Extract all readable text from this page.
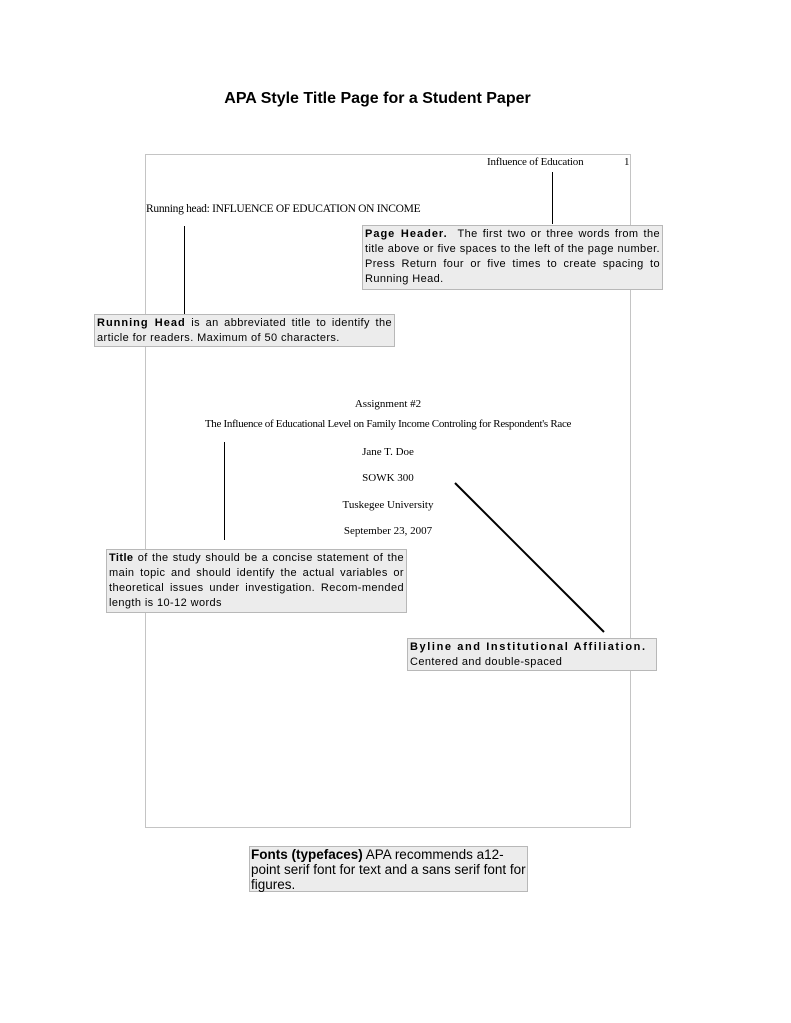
APA Style Title Page for a Student Paper
Influence of Education	1
Running head: INFLUENCE OF EDUCATION ON INCOME
Assignment #2
The Influence of Educational Level on Family Income Controling for Respondent's Race
Jane T. Doe
SOWK 300
Tuskegee University
September 23, 2007
Page Header. The first two or three words from the title above or five spaces to the left of the page number. Press Return four or five times to create spacing to Running Head.
Running Head is an abbreviated title to identify the article for readers. Maximum of 50 characters.
Title of the study should be a concise statement of the main topic and should identify the actual variables or theoretical issues under investigation. Recom-mended length is 10-12 words
Byline and Institutional Affiliation.
Centered and double-spaced
Fonts (typefaces) APA recommends a12-point serif font for text and a sans serif font for figures.
